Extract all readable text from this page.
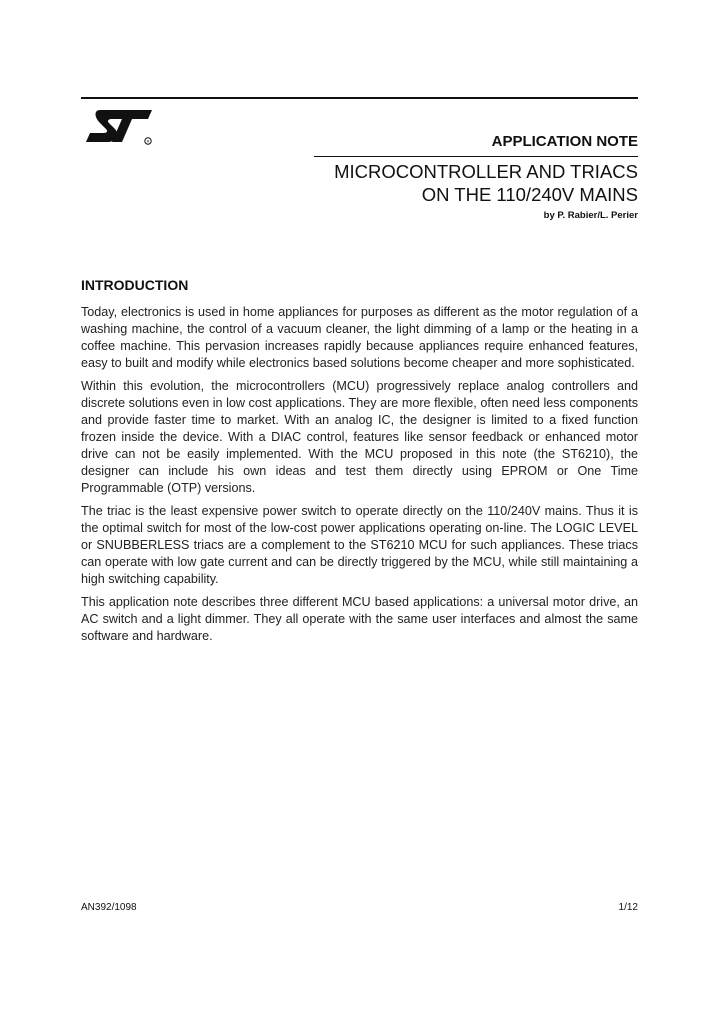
R	APPLICATION NOTE
MICROCONTROLLER AND TRIACS
ON THE 110/240V MAINS
by P. Rabier/L. Perier
INTRODUCTION

Today, electronics is used in home appliances for purposes as different as the motor regulation of a washing machine, the control of a vacuum cleaner, the light dimming of a lamp or the heating in a coffee machine. This pervasion increases rapidly because appliances require enhanced features, easy to built and modify while electronics based solutions become cheaper and more sophisticated.

Within this evolution, the microcontrollers (MCU) progressively replace analog controllers and discrete solutions even in low cost applications. They are more flexible, often need less components and provide faster time to market. With an analog IC, the designer is limited to a fixed function frozen inside the device. With a DIAC control, features like sensor feedback or enhanced motor drive can not be easily implemented. With the MCU proposed in this note (the ST6210), the designer can include his own ideas and test them directly using EPROM or One Time Programmable (OTP) versions.

The triac is the least expensive power switch to operate directly on the 110/240V mains. Thus it is the optimal switch for most of the low-cost power applications operating on-line. The LOGIC LEVEL or SNUBBERLESS triacs are a complement to the ST6210 MCU for such appliances. These triacs can operate with low gate current and can be directly triggered by the MCU, while still maintaining a high switching capability.

This application note describes three different MCU based applications: a universal motor drive, an AC switch and a light dimmer. They all operate with the same user interfaces and almost the same software and hardware.

AN392/1098	1/12
